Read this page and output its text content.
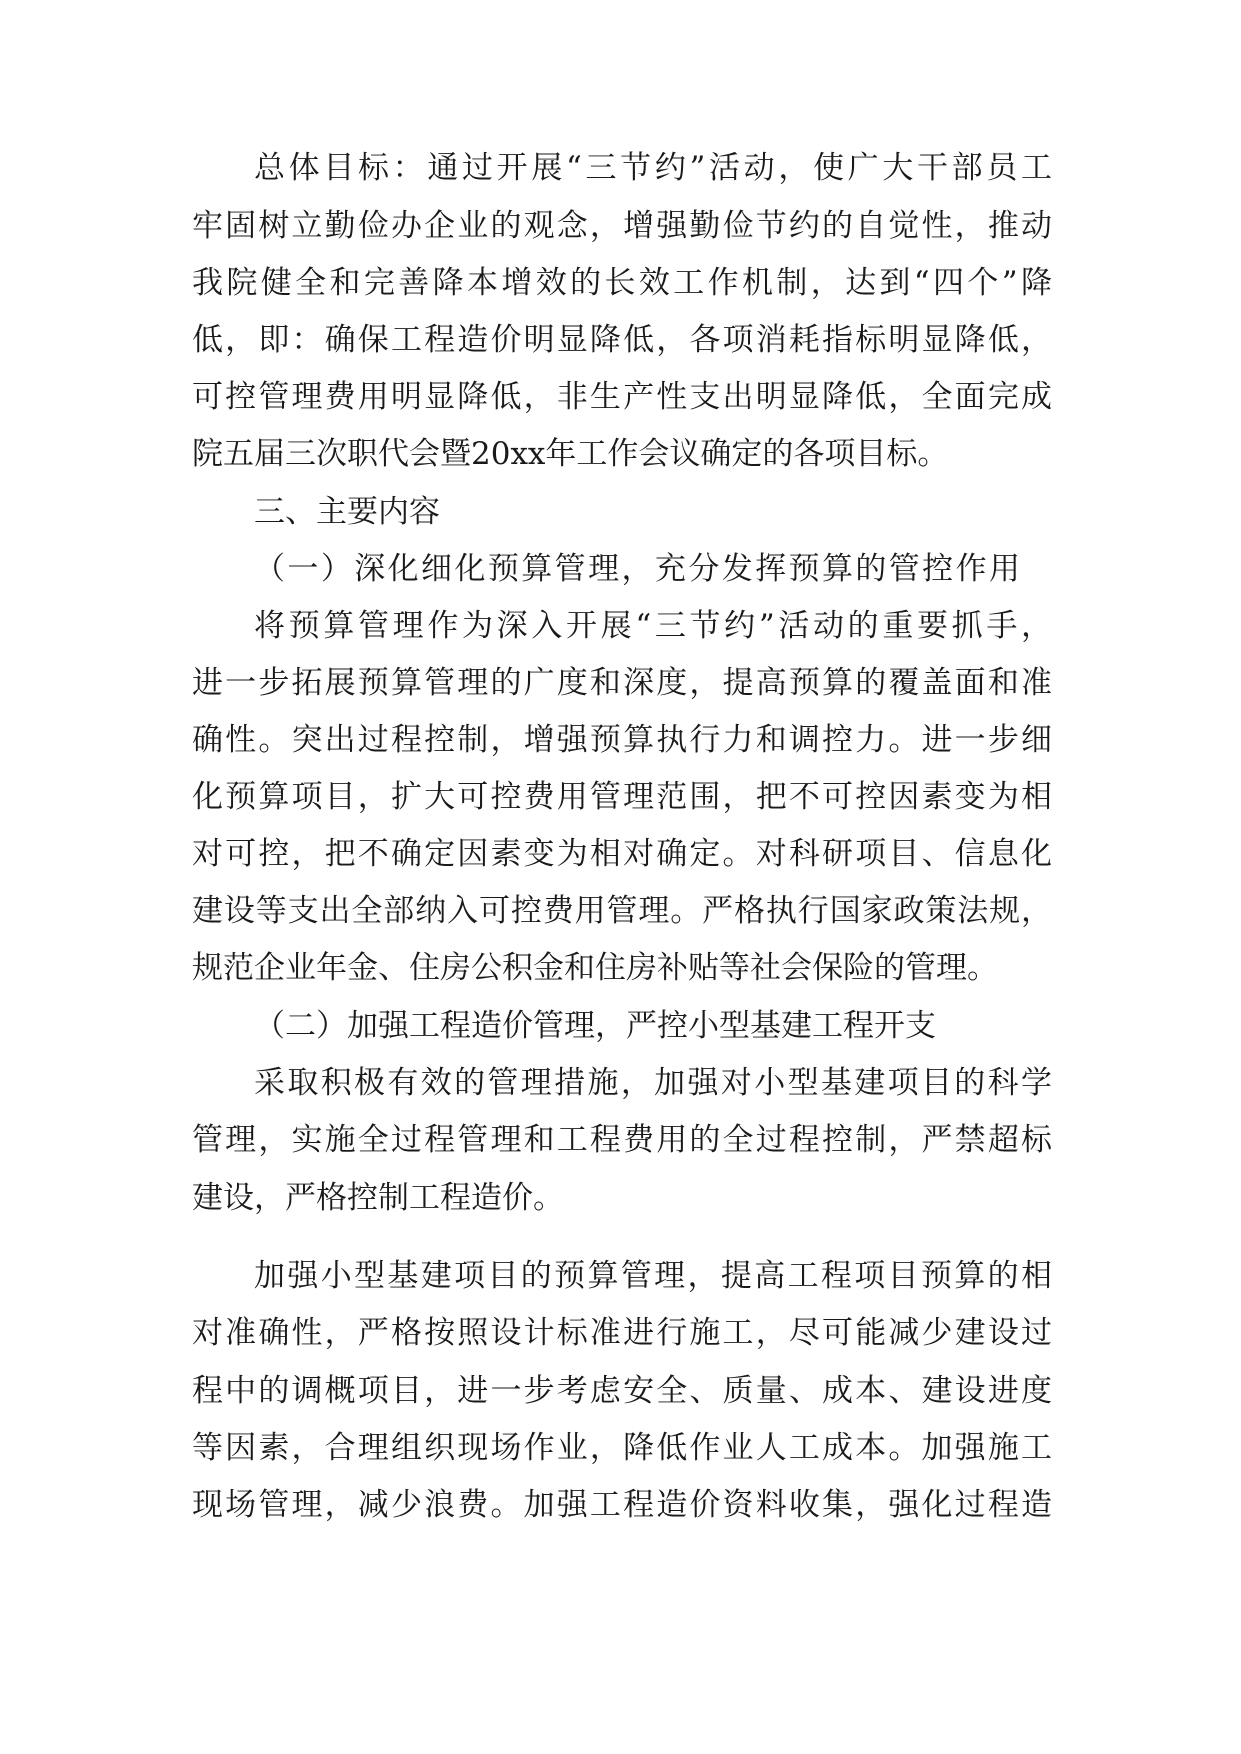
总体目标：通过开展“三节约”活动，使广大干部员工

牢固树立勤俭办企业的观念，增强勤俭节约的自觉性，推动

我院健全和完善降本增效的长效工作机制，达到“四个”降

低，即：确保工程造价明显降低，各项消耗指标明显降低，

可控管理费用明显降低，非生产性支出明显降低，全面完成

院五届三次职代会暨20xx年工作会议确定的各项目标。

三、主要内容

（一）深化细化预算管理，充分发挥预算的管控作用

将预算管理作为深入开展“三节约”活动的重要抓手，

进一步拓展预算管理的广度和深度，提高预算的覆盖面和准

确性。突出过程控制，增强预算执行力和调控力。进一步细

化预算项目，扩大可控费用管理范围，把不可控因素变为相

对可控，把不确定因素变为相对确定。对科研项目、信息化

建设等支出全部纳入可控费用管理。严格执行国家政策法规，

规范企业年金、住房公积金和住房补贴等社会保险的管理。

（二）加强工程造价管理，严控小型基建工程开支

采取积极有效的管理措施，加强对小型基建项目的科学

管理，实施全过程管理和工程费用的全过程控制，严禁超标

建设，严格控制工程造价。

加强小型基建项目的预算管理，提高工程项目预算的相

对准确性，严格按照设计标准进行施工，尽可能减少建设过

程中的调概项目，进一步考虑安全、质量、成本、建设进度

等因素，合理组织现场作业，降低作业人工成本。加强施工

现场管理，减少浪费。加强工程造价资料收集，强化过程造
